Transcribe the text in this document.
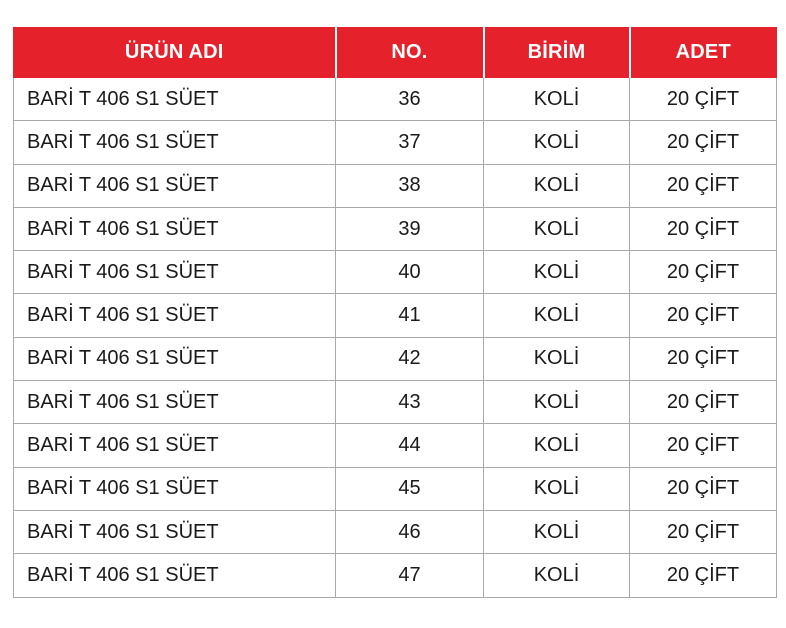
ÜRÜN ADI	NO.	BİRİM	ADET
BARİ T 406 S1 SÜET	36	KOLİ	20 ÇİFT
BARİ T 406 S1 SÜET	37	KOLİ	20 ÇİFT
BARİ T 406 S1 SÜET	38	KOLİ	20 ÇİFT
BARİ T 406 S1 SÜET	39	KOLİ	20 ÇİFT
BARİ T 406 S1 SÜET	40	KOLİ	20 ÇİFT
BARİ T 406 S1 SÜET	41	KOLİ	20 ÇİFT
BARİ T 406 S1 SÜET	42	KOLİ	20 ÇİFT
BARİ T 406 S1 SÜET	43	KOLİ	20 ÇİFT
BARİ T 406 S1 SÜET	44	KOLİ	20 ÇİFT
BARİ T 406 S1 SÜET	45	KOLİ	20 ÇİFT
BARİ T 406 S1 SÜET	46	KOLİ	20 ÇİFT
BARİ T 406 S1 SÜET	47	KOLİ	20 ÇİFT
